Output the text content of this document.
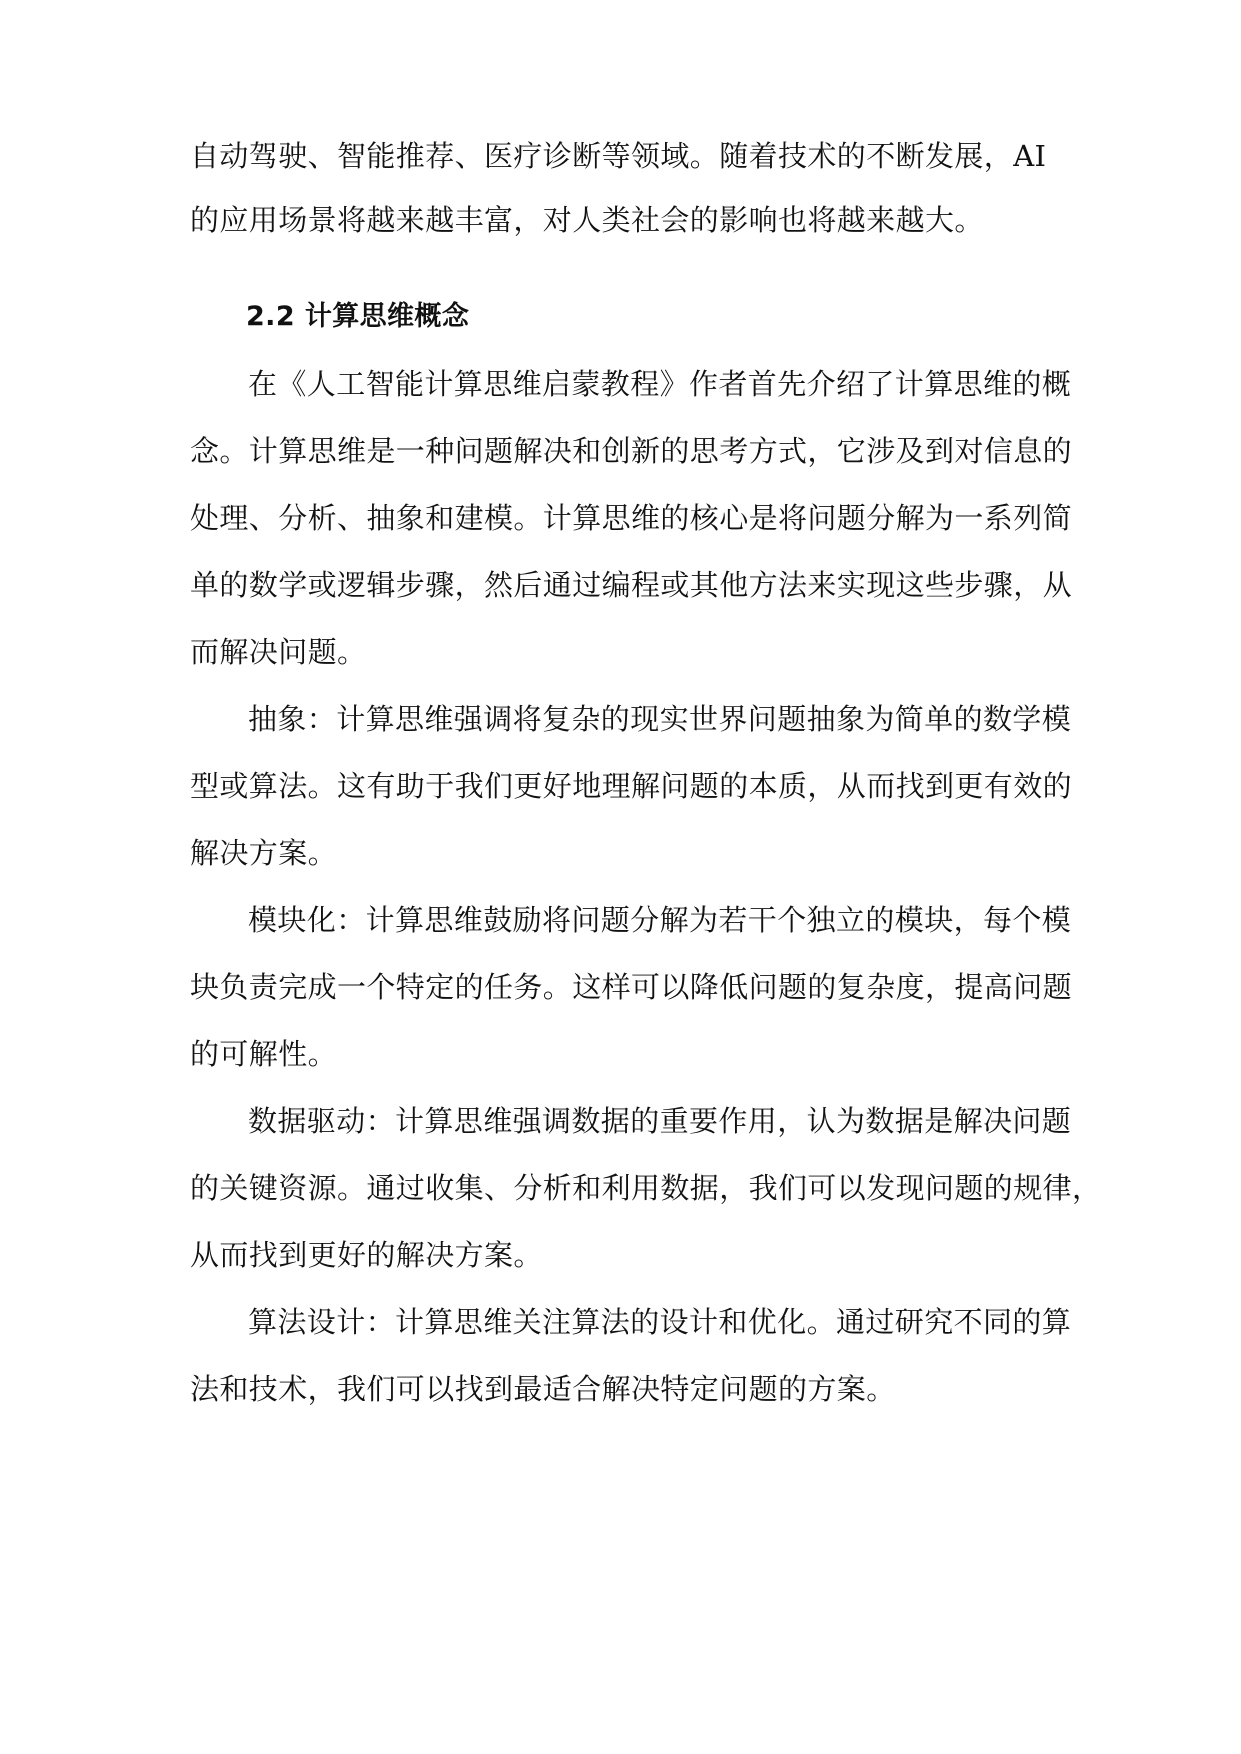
自动驾驶、智能推荐、医疗诊断等领域。随着技术的不断发展，AI
的应用场景将越来越丰富，对人类社会的影响也将越来越大。
2.2 计算思维概念
在《人工智能计算思维启蒙教程》作者首先介绍了计算思维的概
念。计算思维是一种问题解决和创新的思考方式，它涉及到对信息的
处理、分析、抽象和建模。计算思维的核心是将问题分解为一系列简
单的数学或逻辑步骤，然后通过编程或其他方法来实现这些步骤，从
而解决问题。
抽象：计算思维强调将复杂的现实世界问题抽象为简单的数学模
型或算法。这有助于我们更好地理解问题的本质，从而找到更有效的
解决方案。
模块化：计算思维鼓励将问题分解为若干个独立的模块，每个模
块负责完成一个特定的任务。这样可以降低问题的复杂度，提高问题
的可解性。
数据驱动：计算思维强调数据的重要作用，认为数据是解决问题
的关键资源。通过收集、分析和利用数据，我们可以发现问题的规律，
从而找到更好的解决方案。
算法设计：计算思维关注算法的设计和优化。通过研究不同的算
法和技术，我们可以找到最适合解决特定问题的方案。
